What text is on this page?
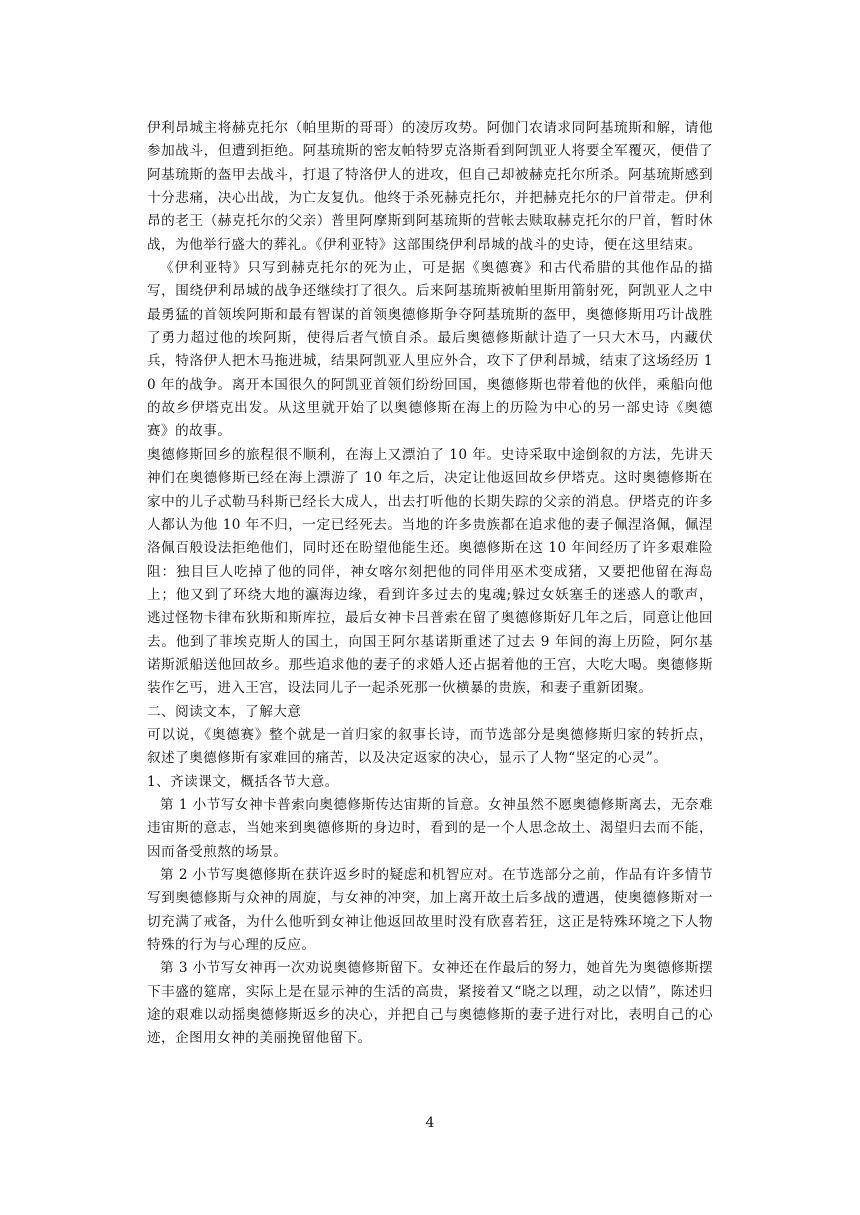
伊利昂城主将赫克托尔（帕里斯的哥哥）的凌厉攻势。阿伽门农请求同阿基琉斯和解，请他参加战斗，但遭到拒绝。阿基琉斯的密友帕特罗克洛斯看到阿凯亚人将要全军覆灭，便借了阿基琉斯的盔甲去战斗，打退了特洛伊人的进攻，但自己却被赫克托尔所杀。阿基琉斯感到十分悲痛，决心出战，为亡友复仇。他终于杀死赫克托尔，并把赫克托尔的尸首带走。伊利昂的老王（赫克托尔的父亲）普里阿摩斯到阿基琉斯的营帐去赎取赫克托尔的尸首，暂时休战，为他举行盛大的葬礼。《伊利亚特》这部围绕伊利昂城的战斗的史诗，便在这里结束。

《伊利亚特》只写到赫克托尔的死为止，可是据《奥德赛》和古代希腊的其他作品的描写，围绕伊利昂城的战争还继续打了很久。后来阿基琉斯被帕里斯用箭射死，阿凯亚人之中最勇猛的首领埃阿斯和最有智谋的首领奥德修斯争夺阿基琉斯的盔甲，奥德修斯用巧计战胜了勇力超过他的埃阿斯，使得后者气愤自杀。最后奥德修斯献计造了一只大木马，内藏伏兵，特洛伊人把木马拖进城，结果阿凯亚人里应外合，攻下了伊利昂城，结束了这场经历 10 年的战争。离开本国很久的阿凯亚首领们纷纷回国，奥德修斯也带着他的伙伴，乘船向他的故乡伊塔克出发。从这里就开始了以奥德修斯在海上的历险为中心的另一部史诗《奥德赛》的故事。

奥德修斯回乡的旅程很不顺利，在海上又漂泊了 10 年。史诗采取中途倒叙的方法，先讲天神们在奥德修斯已经在海上漂游了 10 年之后，决定让他返回故乡伊塔克。这时奥德修斯在家中的儿子忒勒马科斯已经长大成人，出去打听他的长期失踪的父亲的消息。伊塔克的许多人都认为他 10 年不归，一定已经死去。当地的许多贵族都在追求他的妻子佩涅洛佩，佩涅洛佩百般设法拒绝他们，同时还在盼望他能生还。奥德修斯在这 10 年间经历了许多艰难险阻：独目巨人吃掉了他的同伴，神女喀尔刻把他的同伴用巫术变成猪，又要把他留在海岛上；他又到了环绕大地的瀛海边缘，看到许多过去的鬼魂;躲过女妖塞壬的迷惑人的歌声，逃过怪物卡律布狄斯和斯库拉，最后女神卡吕普索在留了奥德修斯好几年之后，同意让他回去。他到了菲埃克斯人的国土，向国王阿尔基诺斯重述了过去 9 年间的海上历险，阿尔基诺斯派船送他回故乡。那些追求他的妻子的求婚人还占据着他的王宫，大吃大喝。奥德修斯装作乞丐，进入王宫，设法同儿子一起杀死那一伙横暴的贵族，和妻子重新团聚。

二、阅读文本，了解大意

可以说，《奥德赛》整个就是一首归家的叙事长诗，而节选部分是奥德修斯归家的转折点，叙述了奥德修斯有家难回的痛苦，以及决定返家的决心，显示了人物“坚定的心灵”。

1、齐读课文，概括各节大意。

第 1 小节写女神卡普索向奥德修斯传达宙斯的旨意。女神虽然不愿奥德修斯离去，无奈难违宙斯的意志，当她来到奥德修斯的身边时，看到的是一个人思念故土、渴望归去而不能，因而备受煎熬的场景。

第 2 小节写奥德修斯在获许返乡时的疑虑和机智应对。在节选部分之前，作品有许多情节写到奥德修斯与众神的周旋，与女神的冲突，加上离开故土后多战的遭遇，使奥德修斯对一切充满了戒备，为什么他听到女神让他返回故里时没有欣喜若狂，这正是特殊环境之下人物特殊的行为与心理的反应。

第 3 小节写女神再一次劝说奥德修斯留下。女神还在作最后的努力，她首先为奥德修斯摆下丰盛的筵席，实际上是在显示神的生活的高贵，紧接着又“晓之以理，动之以情”，陈述归途的艰难以动摇奥德修斯返乡的决心，并把自己与奥德修斯的妻子进行对比，表明自己的心迹，企图用女神的美丽挽留他留下。

4
